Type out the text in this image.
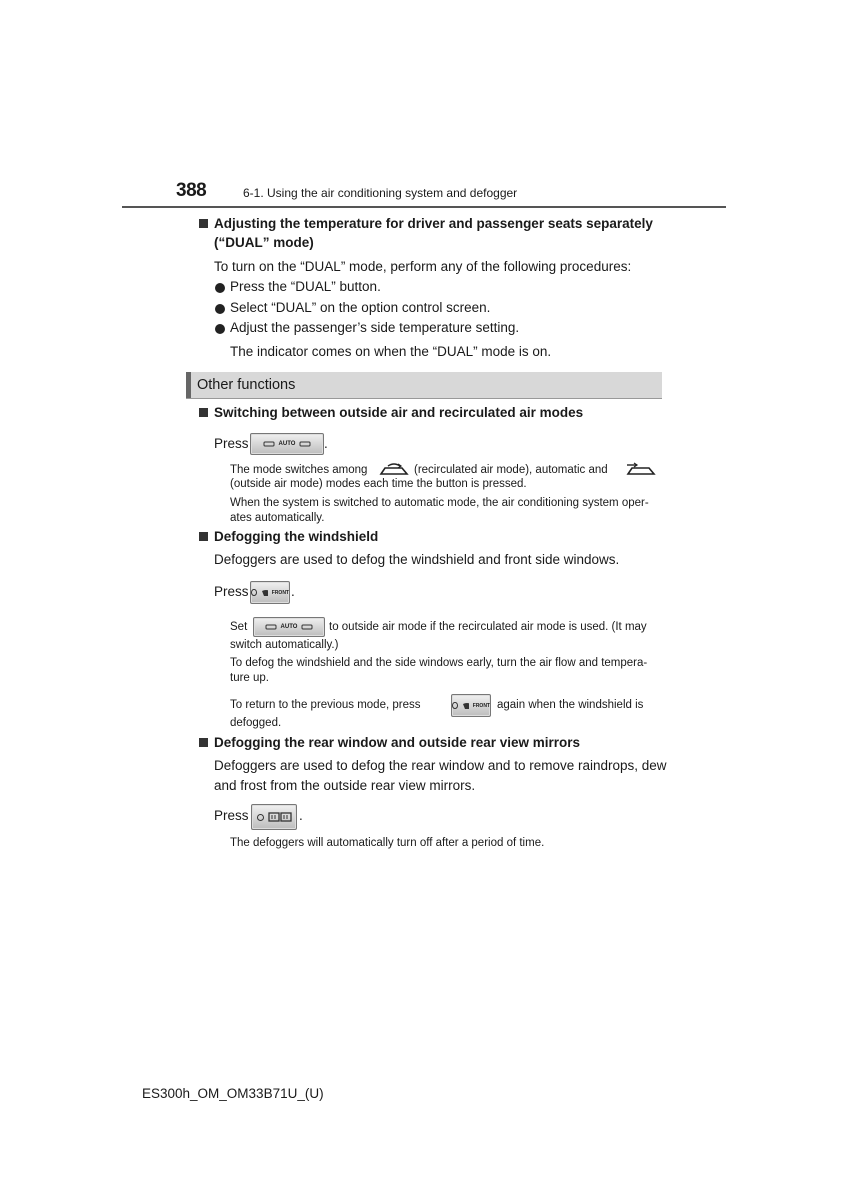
388	6-1. Using the air conditioning system and defogger
Adjusting the temperature for driver and passenger seats separately
(“DUAL” mode)
To turn on the “DUAL” mode, perform any of the following procedures:
Press the “DUAL” button.
Select “DUAL” on the option control screen.
Adjust the passenger’s side temperature setting.
The indicator comes on when the “DUAL” mode is on.
Other functions
Switching between outside air and recirculated air modes
Press	AUTO .
The mode switches among	(recirculated air mode), automatic and
(outside air mode) modes each time the button is pressed.
When the system is switched to automatic mode, the air conditioning system oper-
ates automatically.
Defogging the windshield
Defoggers are used to defog the windshield and front side windows.
Press	FRONT .
Set	AUTO	to outside air mode if the recirculated air mode is used. (It may
switch automatically.)
To defog the windshield and the side windows early, turn the air flow and tempera-
ture up.
To return to the previous mode, press	FRONT again when the windshield is
defogged.
Defogging the rear window and outside rear view mirrors
Defoggers are used to defog the rear window and to remove raindrops, dew
and frost from the outside rear view mirrors.
Press	.
The defoggers will automatically turn off after a period of time.
ES300h_OM_OM33B71U_(U)
